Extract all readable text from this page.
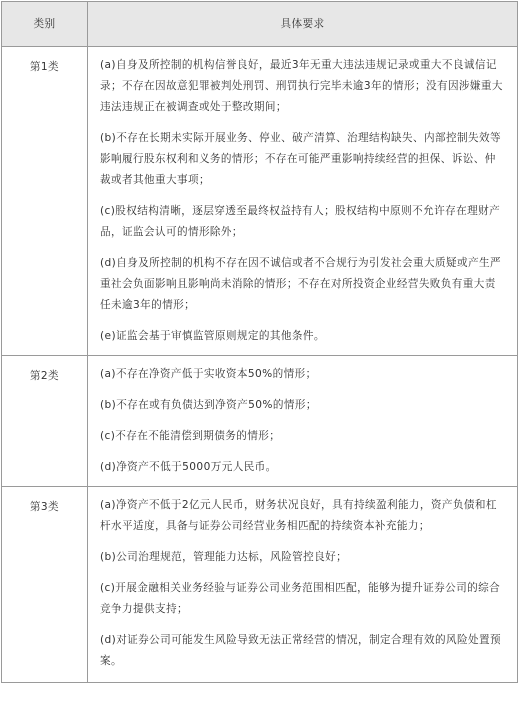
类别	具体要求
第1类	(a)自身及所控制的机构信誉良好，最近3年无重大违法违规记录或重大不良诚信记录；不存在因故意犯罪被判处刑罚、刑罚执行完毕未逾3年的情形；没有因涉嫌重大违法违规正在被调查或处于整改期间；

(b)不存在长期未实际开展业务、停业、破产清算、治理结构缺失、内部控制失效等影响履行股东权利和义务的情形；不存在可能严重影响持续经营的担保、诉讼、仲裁或者其他重大事项；

(c)股权结构清晰，逐层穿透至最终权益持有人；股权结构中原则不允许存在理财产品，证监会认可的情形除外；

(d)自身及所控制的机构不存在因不诚信或者不合规行为引发社会重大质疑或产生严重社会负面影响且影响尚未消除的情形；不存在对所投资企业经营失败负有重大责任未逾3年的情形；

(e)证监会基于审慎监管原则规定的其他条件。

第2类	(a)不存在净资产低于实收资本50%的情形；

(b)不存在或有负债达到净资产50%的情形；

(c)不存在不能清偿到期债务的情形；

(d)净资产不低于5000万元人民币。

第3类	(a)净资产不低于2亿元人民币，财务状况良好，具有持续盈利能力，资产负债和杠杆水平适度，具备与证券公司经营业务相匹配的持续资本补充能力；

(b)公司治理规范，管理能力达标，风险管控良好；

(c)开展金融相关业务经验与证券公司业务范围相匹配，能够为提升证券公司的综合竞争力提供支持；

(d)对证券公司可能发生风险导致无法正常经营的情况，制定合理有效的风险处置预案。
